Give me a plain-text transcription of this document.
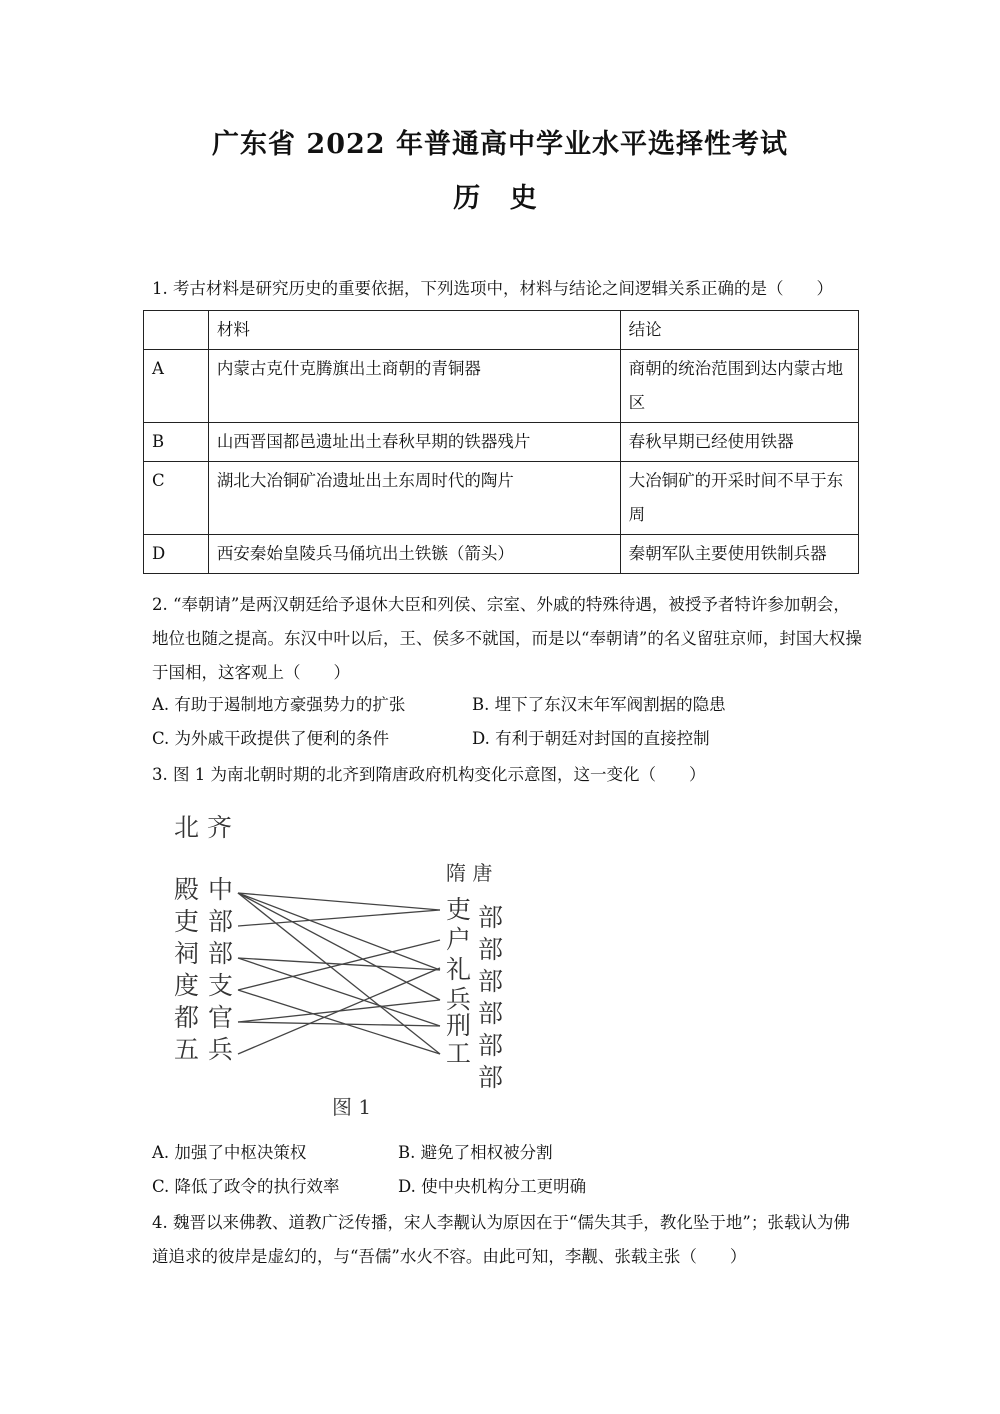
广东省 2022 年普通高中学业水平选择性考试
历 史
1. 考古材料是研究历史的重要依据，下列选项中，材料与结论之间逻辑关系正确的是（　　）
	材料	结论
A	内蒙古克什克腾旗出土商朝的青铜器	商朝的统治范围到达内蒙古地区
B	山西晋国都邑遗址出土春秋早期的铁器残片	春秋早期已经使用铁器
C	湖北大冶铜矿冶遗址出土东周时代的陶片	大冶铜矿的开采时间不早于东周
D	西安秦始皇陵兵马俑坑出土铁镞（箭头）	秦朝军队主要使用铁制兵器
2. “奉朝请”是两汉朝廷给予退休大臣和列侯、宗室、外戚的特殊待遇，被授予者特许参加朝会，地位也随之提高。东汉中叶以后，王、侯多不就国，而是以“奉朝请”的名义留驻京师，封国大权操于国相，这客观上（　　）
A. 有助于遏制地方豪强势力的扩张	B. 埋下了东汉末年军阀割据的隐患
C. 为外戚干政提供了便利的条件	D. 有利于朝廷对封国的直接控制
3. 图 1 为南北朝时期的北齐到隋唐政府机构变化示意图，这一变化（　　）
北 齐
殿
吏
祠
度
都
五
中
部
部
支
官
兵
隋 唐
吏
户
礼
兵
刑
工
部
部
部
部
部
部
图 1
A. 加强了中枢决策权	B. 避免了相权被分割
C. 降低了政令的执行效率	D. 使中央机构分工更明确
4. 魏晋以来佛教、道教广泛传播，宋人李觏认为原因在于“儒失其手，教化坠于地”；张载认为佛道追求的彼岸是虚幻的，与“吾儒”水火不容。由此可知，李觏、张载主张（　　）
